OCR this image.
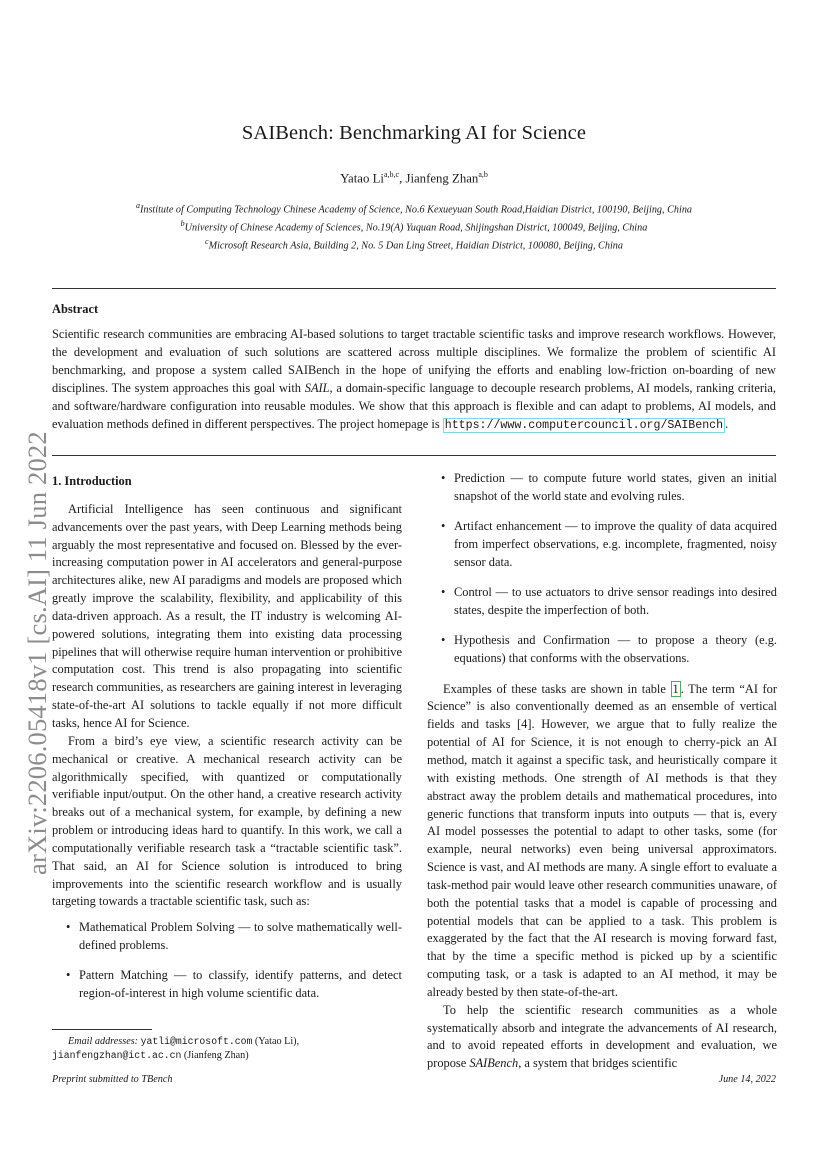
arXiv:2206.05418v1 [cs.AI] 11 Jun 2022
SAIBench: Benchmarking AI for Science
Yatao Li$^{a,b,c}$, Jianfeng Zhan$^{a,b}$
$^a$Institute of Computing Technology Chinese Academy of Science, No.6 Kexueyuan South Road,Haidian District, 100190, Beijing, China
$^b$University of Chinese Academy of Sciences, No.19(A) Yuquan Road, Shijingshan District, 100049, Beijing, China
$^c$Microsoft Research Asia, Building 2, No. 5 Dan Ling Street, Haidian District, 100080, Beijing, China
Abstract
Scientific research communities are embracing AI-based solutions to target tractable scientific tasks and improve research workflows. However, the development and evaluation of such solutions are scattered across multiple disciplines. We formalize the problem of scientific AI benchmarking, and propose a system called SAIBench in the hope of unifying the efforts and enabling low-friction on-boarding of new disciplines. The system approaches this goal with SAIL, a domain-specific language to decouple research problems, AI models, ranking criteria, and software/hardware configuration into reusable modules. We show that this approach is flexible and can adapt to problems, AI models, and evaluation methods defined in different perspectives. The project homepage is https://www.computercouncil.org/SAIBench .
1. Introduction

Artificial Intelligence has seen continuous and significant advancements over the past years, with Deep Learning methods being arguably the most representative and focused on. Blessed by the ever-increasing computation power in AI accelerators and general-purpose architectures alike, new AI paradigms and models are proposed which greatly improve the scalability, flexibility, and applicability of this data-driven approach. As a result, the IT industry is welcoming AI-powered solutions, integrating them into existing data processing pipelines that will otherwise require human intervention or prohibitive computation cost. This trend is also propagating into scientific research communities, as researchers are gaining interest in leveraging state-of-the-art AI solutions to tackle equally if not more difficult tasks, hence AI for Science.

From a bird’s eye view, a scientific research activity can be mechanical or creative. A mechanical research activity can be algorithmically specified, with quantized or computationally verifiable input/output. On the other hand, a creative research activity breaks out of a mechanical system, for example, by defining a new problem or introducing ideas hard to quantify. In this work, we call a computationally verifiable research task a “tractable scientific task”. That said, an AI for Science solution is introduced to bring improvements into the scientific research workflow and is usually targeting towards a tractable scientific task, such as:

• Mathematical Problem Solving — to solve mathematically well-defined problems.
• Pattern Matching — to classify, identify patterns, and detect region-of-interest in high volume scientific data.
• Prediction — to compute future world states, given an initial snapshot of the world state and evolving rules.
• Artifact enhancement — to improve the quality of data acquired from imperfect observations, e.g. incomplete, fragmented, noisy sensor data.
• Control — to use actuators to drive sensor readings into desired states, despite the imperfection of both.
• Hypothesis and Confirmation — to propose a theory (e.g. equations) that conforms with the observations.

Examples of these tasks are shown in table 1 . The term “AI for Science” is also conventionally deemed as an ensemble of vertical fields and tasks [4]. However, we argue that to fully realize the potential of AI for Science, it is not enough to cherry-pick an AI method, match it against a specific task, and heuristically compare it with existing methods. One strength of AI methods is that they abstract away the problem details and mathematical procedures, into generic functions that transform inputs into outputs — that is, every AI model possesses the potential to adapt to other tasks, some (for example, neural networks) even being universal approximators. Science is vast, and AI methods are many. A single effort to evaluate a task-method pair would leave other research communities unaware, of both the potential tasks that a model is capable of processing and potential models that can be applied to a task. This problem is exaggerated by the fact that the AI research is moving forward fast, that by the time a specific method is picked up by a scientific computing task, or a task is adapted to an AI method, it may be already bested by then state-of-the-art.

To help the scientific research communities as a whole systematically absorb and integrate the advancements of AI research, and to avoid repeated efforts in development and evaluation, we propose SAIBench, a system that bridges scientific

Email addresses: yatli@microsoft.com (Yatao Li),
jianfengzhan@ict.ac.cn (Jianfeng Zhan)
Preprint submitted to TBench	June 14, 2022
